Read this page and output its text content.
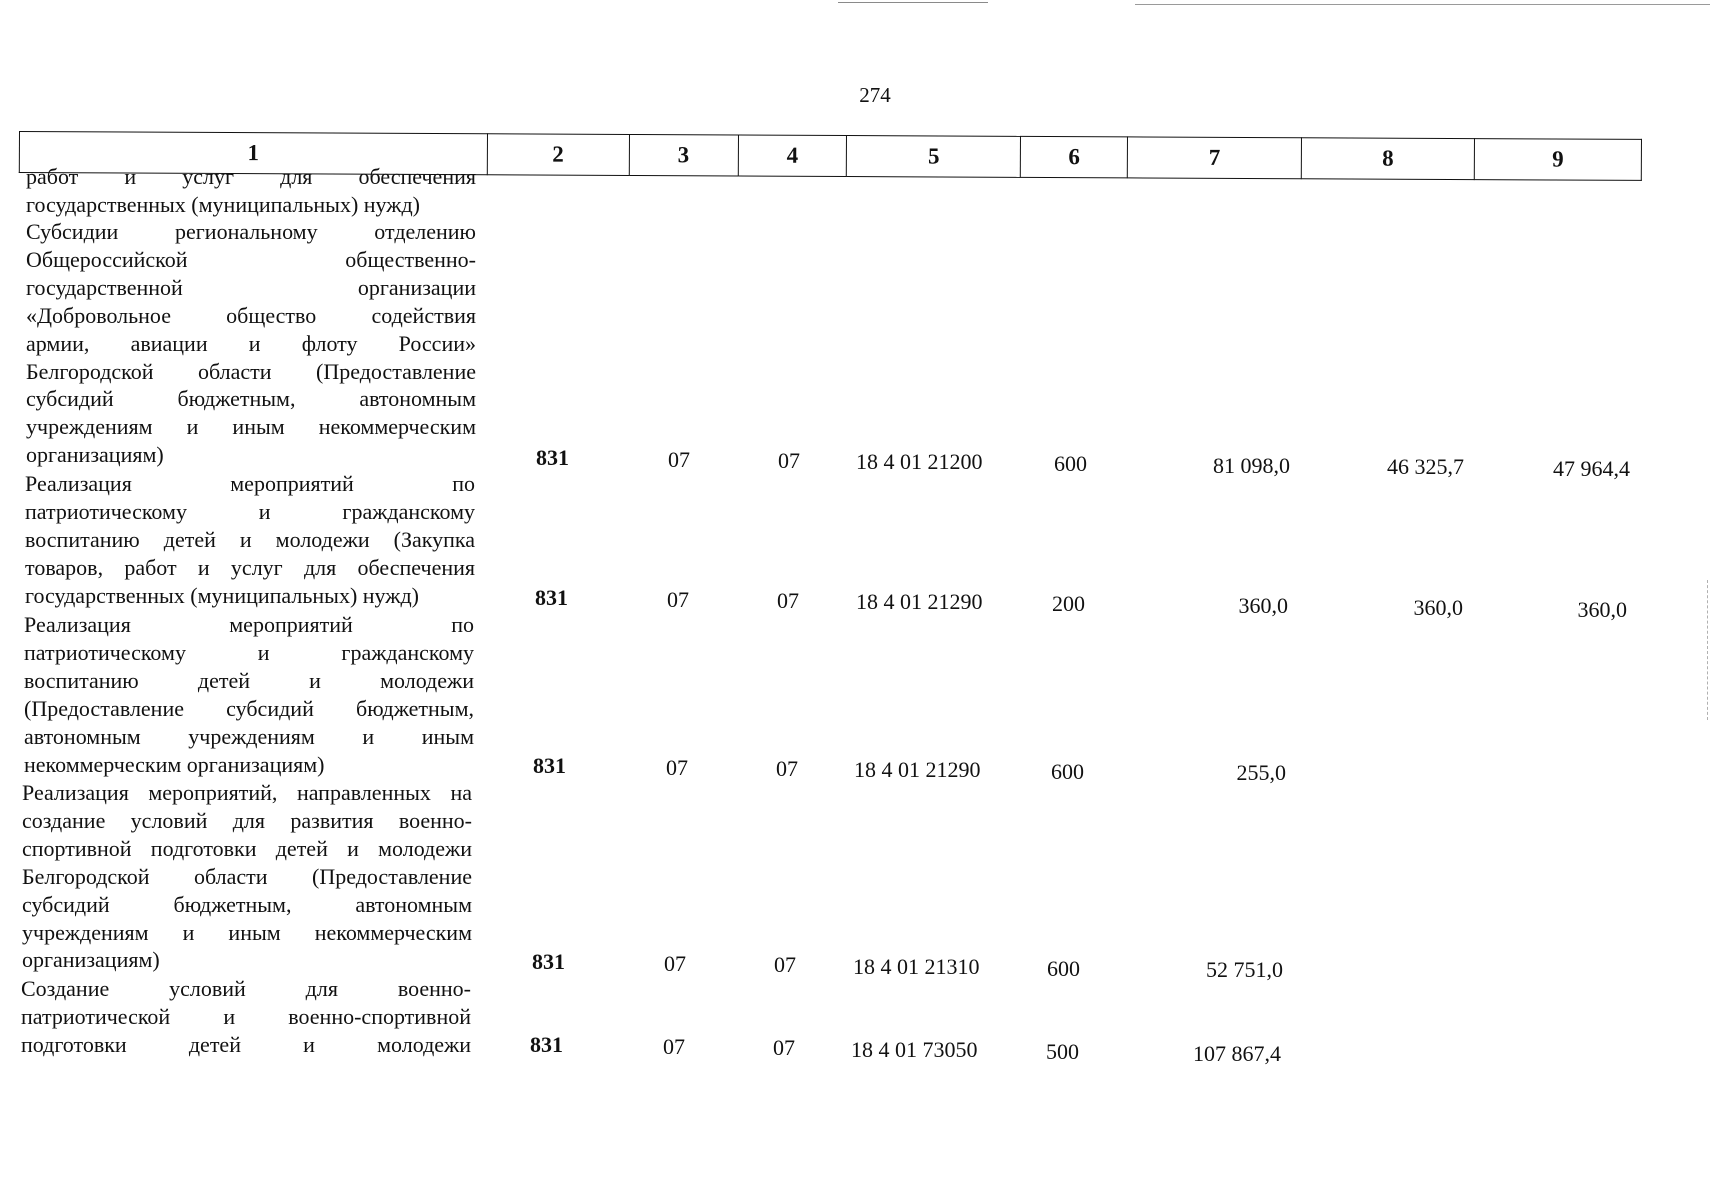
274
1	2	3	4	5	6	7	8	9
работ и услуг для обеспечения
государственных (муниципальных) нужд)
Субсидии региональному отделению
Общероссийской общественно-
государственной организации
«Добровольное общество содействия
армии, авиации и флоту России»
Белгородской области (Предоставление
субсидий бюджетным, автономным
учреждениям и иным некоммерческим
организациям)	831	07	07	18 4 01 21200	600	81 098,0	46 325,7	47 964,4
Реализация мероприятий по
патриотическому и гражданскому
воспитанию детей и молодежи (Закупка
товаров, работ и услуг для обеспечения
государственных (муниципальных) нужд)	831	07	07	18 4 01 21290	200	360,0	360,0	360,0
Реализация мероприятий по
патриотическому и гражданскому
воспитанию детей и молодежи
(Предоставление субсидий бюджетным,
автономным учреждениям и иным
некоммерческим организациям)	831	07	07	18 4 01 21290	600	255,0
Реализация мероприятий, направленных на
создание условий для развития военно-
спортивной подготовки детей и молодежи
Белгородской области (Предоставление
субсидий бюджетным, автономным
учреждениям и иным некоммерческим
организациям)	831	07	07	18 4 01 21310	600	52 751,0
Создание условий для военно-
патриотической и военно-спортивной
подготовки детей и молодежи	831	07	07	18 4 01 73050	500	107 867,4
